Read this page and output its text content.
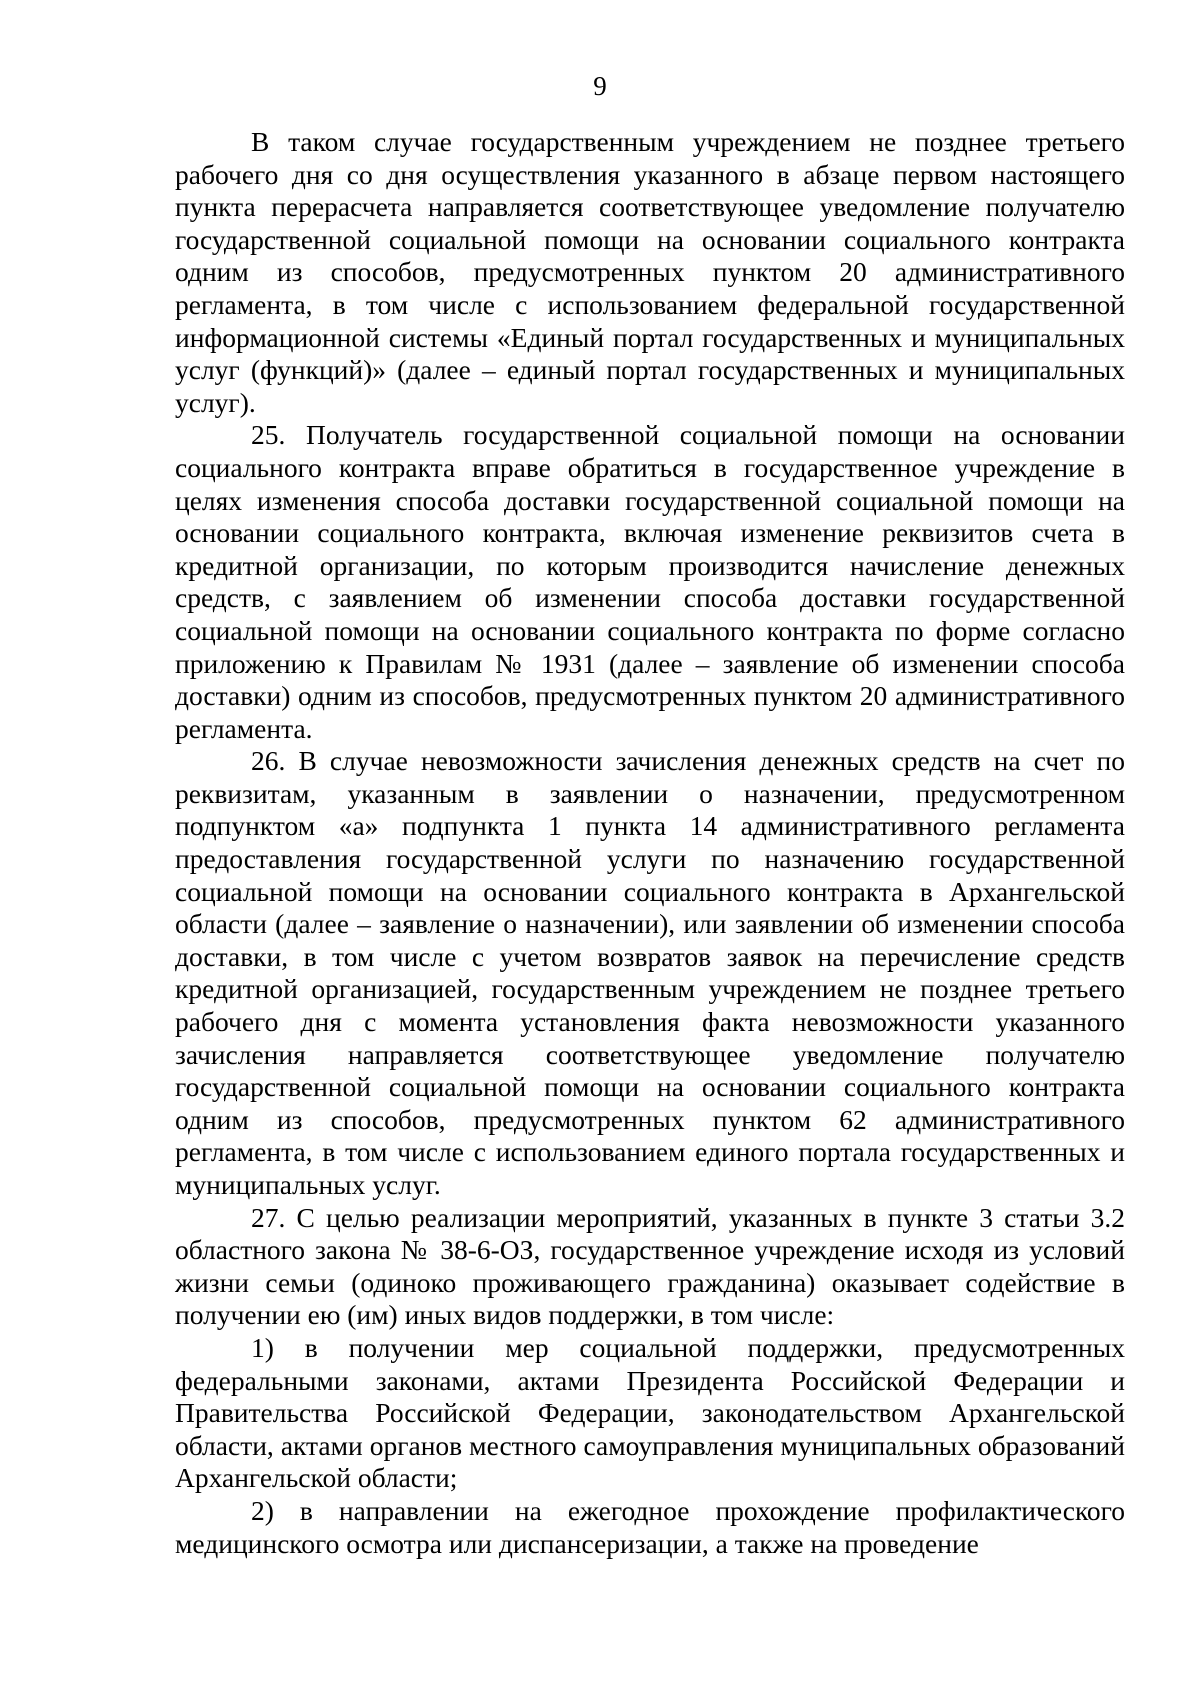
9

В таком случае государственным учреждением не позднее третьего рабочего дня со дня осуществления указанного в абзаце первом настоящего пункта перерасчета направляется соответствующее уведомление получателю государственной социальной помощи на основании социального контракта одним из способов, предусмотренных пунктом 20 административного регламента, в том числе с использованием федеральной государственной информационной системы «Единый портал государственных и муниципальных услуг (функций)» (далее – единый портал государственных и муниципальных услуг).

25. Получатель государственной социальной помощи на основании социального контракта вправе обратиться в государственное учреждение в целях изменения способа доставки государственной социальной помощи на основании социального контракта, включая изменение реквизитов счета в кредитной организации, по которым производится начисление денежных средств, с заявлением об изменении способа доставки государственной социальной помощи на основании социального контракта по форме согласно приложению к Правилам № 1931 (далее – заявление об изменении способа доставки) одним из способов, предусмотренных пунктом 20 административного регламента.

26. В случае невозможности зачисления денежных средств на счет по реквизитам, указанным в заявлении о назначении, предусмотренном подпунктом «а» подпункта 1 пункта 14 административного регламента предоставления государственной услуги по назначению государственной социальной помощи на основании социального контракта в Архангельской области (далее – заявление о назначении), или заявлении об изменении способа доставки, в том числе с учетом возвратов заявок на перечисление средств кредитной организацией, государственным учреждением не позднее третьего рабочего дня с момента установления факта невозможности указанного зачисления направляется соответствующее уведомление получателю государственной социальной помощи на основании социального контракта одним из способов, предусмотренных пунктом 62 административного регламента, в том числе с использованием единого портала государственных и муниципальных услуг.

27. С целью реализации мероприятий, указанных в пункте 3 статьи 3.2 областного закона № 38-6-ОЗ, государственное учреждение исходя из условий жизни семьи (одиноко проживающего гражданина) оказывает содействие в получении ею (им) иных видов поддержки, в том числе:

1) в получении мер социальной поддержки, предусмотренных федеральными законами, актами Президента Российской Федерации и Правительства Российской Федерации, законодательством Архангельской области, актами органов местного самоуправления муниципальных образований Архангельской области;

2) в направлении на ежегодное прохождение профилактического медицинского осмотра или диспансеризации, а также на проведение
